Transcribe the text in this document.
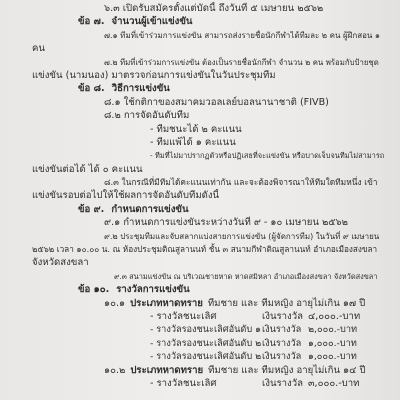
๖.๓ เปิดรับสมัครตั้งแต่บัดนี้ ถึงวันที่ ๕ เมษายน ๒๕๖๒
ข้อ ๗. จำนวนผู้เข้าแข่งขัน
๗.๑ ทีมที่เข้าร่วมการแข่งขัน สามารถส่งรายชื่อนักกีฬาได้ทีมละ ๒ คน ผู้ฝึกสอน ๑
คน
๗.๒ ทีมที่เข้าร่วมการแข่งขัน ต้องเป็นรายชื่อนักกีฬา จำนวน ๒ คน พร้อมกับป้ายชุด
แข่งขัน (นามนอง) มาตรวจก่อนการแข่งขันในวันประชุมทีม
ข้อ ๘. วิธีการแข่งขัน
๘.๑ ใช้กติกาของสมาคมวอลเลย์บอลนานาชาติ (FIVB)
๘.๒ การจัดอันดับทีม
- ทีมชนะได้ ๒ คะแนน
- ทีมแพ้ได้ ๑ คะแนน
- ทีมที่ไม่มาปรากฏตัวหรือปฏิเสธที่จะแข่งขัน หรือบาดเจ็บจนทีมไม่สามารถ
แข่งขันต่อได้ ได้ ๐ คะแนน
๘.๓ ในกรณีที่มีทีมได้คะแนนเท่ากัน และจะต้องพิจารณาให้ทีมใดทีมหนึ่ง เข้า
แข่งขันรอบต่อไปให้ใช้ผลการจัดอันดับทีมดังนี้
ข้อ ๙. กำหนดการแข่งขัน
๙.๑ กำหนดการแข่งขันระหว่างวันที่ ๙ - ๑๐ เมษายน ๒๕๖๒
๙.๒ ประชุมทีมและจับสลากแบ่งสายการแข่งขัน (ผู้จัดการทีม) ในวันที่ ๙ เมษายน
๒๕๖๒ เวลา ๑๐.๐๐ น. ณ ห้องประชุมติณสูลานนท์ ชั้น ๓ สนามกีฬาติณสูลานนท์ อำเภอเมืองสงขลา
จังหวัดสงขลา
๙.๓ สนามแข่งขัน ณ บริเวณชายหาด หาดสมิหลา อำเภอเมืองสงขลา จังหวัดสงขลา
ข้อ ๑๐. รางวัลการแข่งขัน
๑๐.๑ ประเภทหาดทราย ทีมชาย และ ทีมหญิง อายุไม่เกิน ๑๗ ปี
- รางวัลชนะเลิศ	เงินรางวัล ๔,๐๐๐.-บาท
- รางวัลรองชนะเลิศอันดับ ๑ เงินรางวัล ๒,๐๐๐.-บาท
- รางวัลรองชนะเลิศอันดับ ๒ เงินรางวัล ๑,๐๐๐.-บาท
- รางวัลรองชนะเลิศอันดับ ๒ เงินรางวัล ๑,๐๐๐.-บาท
๑๐.๒ ประเภทหาดทราย ทีมชาย และ ทีมหญิง อายุไม่เกิน ๑๔ ปี
- รางวัลชนะเลิศ	เงินรางวัล ๓,๐๐๐.-บาท
